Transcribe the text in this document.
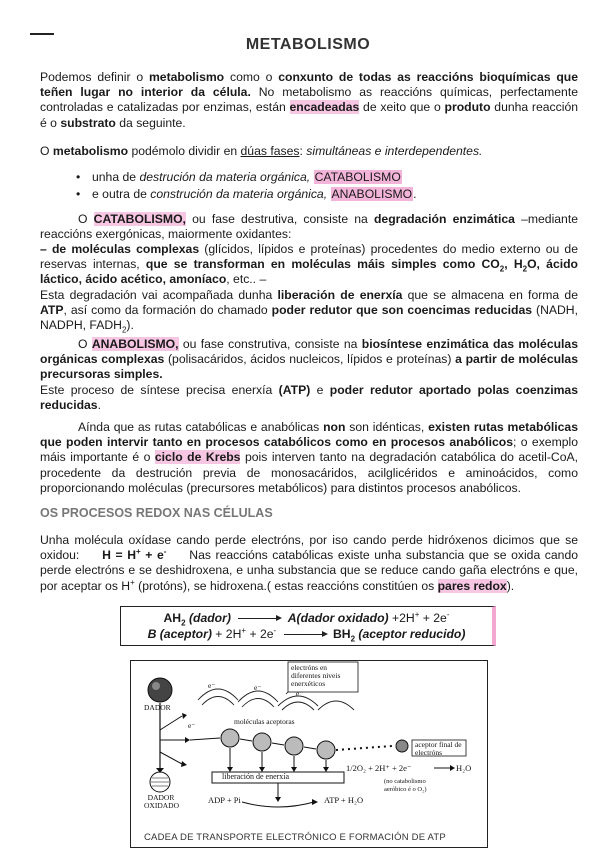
METABOLISMO
Podemos definir o metabolismo como o conxunto de todas as reaccións bioquímicas que teñen lugar no interior da célula. No metabolismo as reaccións químicas, perfectamente controladas e catalizadas por enzimas, están encadeadas de xeito que o produto dunha reacción é o substrato da seguinte.
O metabolismo podémolo dividir en dúas fases: simultáneas e interdependentes.
• unha de destrución da materia orgánica, CATABOLISMO
• e outra de construción da materia orgánica, ANABOLISMO.
O CATABOLISMO, ou fase destrutiva, consiste na degradación enzimática –mediante reaccións exergónicas, maiormente oxidantes:
– de moléculas complexas (glícidos, lípidos e proteínas) procedentes do medio externo ou de reservas internas, que se transforman en moléculas máis simples como $CO_2$, $H_2O$, ácido láctico, ácido acético, amoníaco, etc.. –
Esta degradación vai acompañada dunha liberación de enerxía que se almacena en forma de ATP, así como da formación do chamado poder redutor que son coencimas reducidas (NADH, NADPH, $FADH_2$).
O ANABOLISMO, ou fase construtiva, consiste na biosíntese enzimática das moléculas orgánicas complexas (polisacáridos, ácidos nucleicos, lípidos e proteínas) a partir de moléculas precursoras simples.
Este proceso de síntese precisa enerxía (ATP) e poder redutor aportado polas coenzimas reducidas.
Aínda que as rutas catabólicas e anabólicas non son idénticas, existen rutas metabólicas que poden intervir tanto en procesos catabólicos como en procesos anabólicos; o exemplo máis importante é o ciclo de Krebs pois interven tanto na degradación catabólica do acetil-CoA, procedente da destrución previa de monosacáridos, acilglicéridos e aminoácidos, como proporcionando moléculas (precursores metabólicos) para distintos procesos anabólicos.
OS PROCESOS REDOX NAS CÉLULAS
Unha molécula oxídase cando perde electróns, por iso cando perde hidróxenos dicimos que se oxidou: H = H+ + e- Nas reaccións catabólicas existe unha substancia que se oxida cando perde electróns e se deshidroxena, e unha substancia que se reduce cando gaña electróns e que, por aceptar os H+ (protóns), se hidroxena.( estas reaccións constitúen os pares redox).
$AH_2$ (dador) → A(dador oxidado) +2H+ + 2e-
B (aceptor) + $2H^+ + 2e^- \to BH_2$ (aceptor reducido)
electróns en diferentes niveis enerxéticos
DADOR
moléculas aceptoras
aceptor final de electróns
1/2O₂ + 2H⁺ + 2e⁻	H₂O
(no catabolismo aeróbico é o O₂)
liberación de enerxía
DADOR OXIDADO
ADP + Pi	ATP + H₂O
e⁻	e⁻
e⁻
e⁻
CADEA DE TRANSPORTE ELECTRÓNICO E FORMACIÓN DE ATP
